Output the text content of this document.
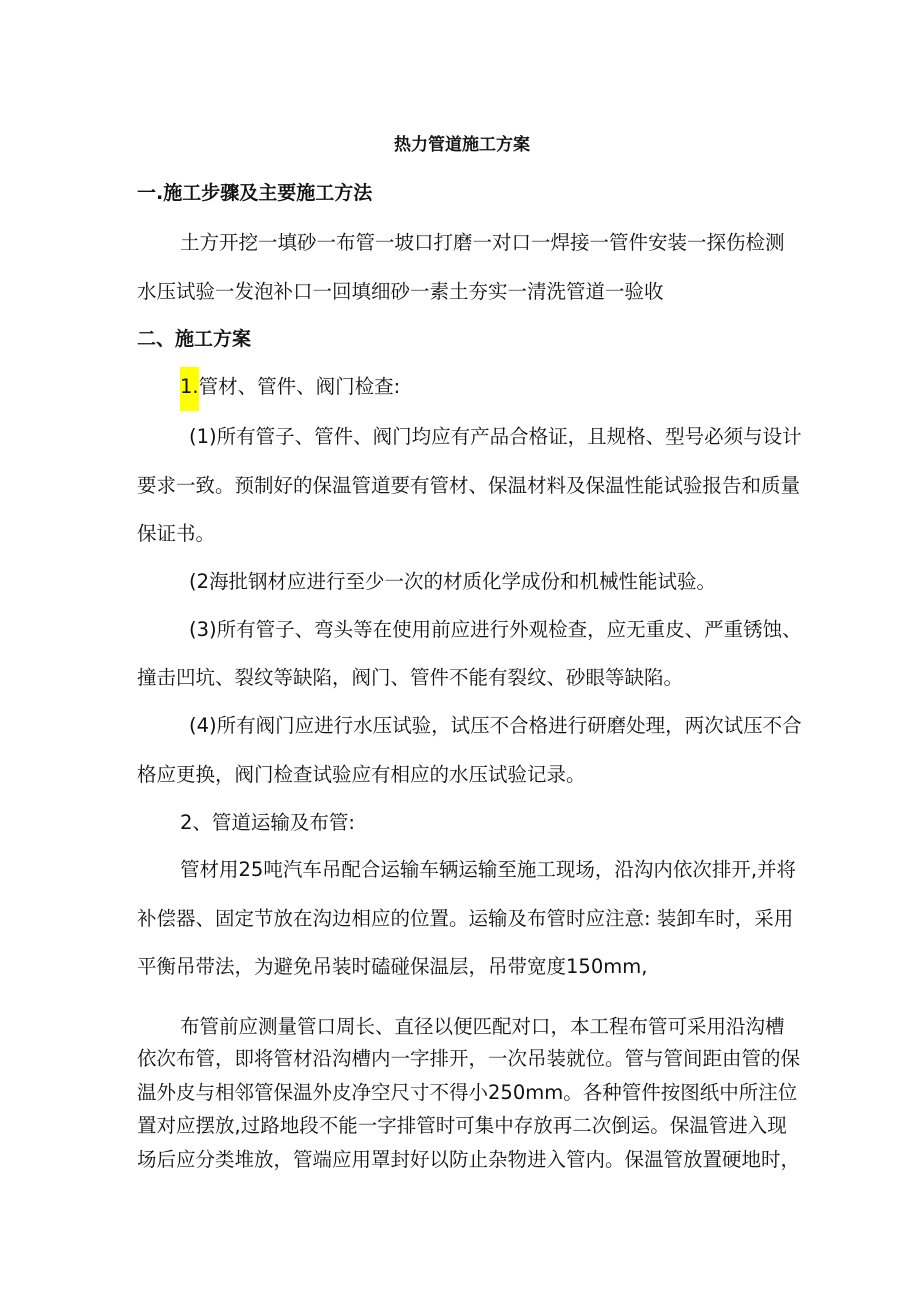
热力管道施工方案
一.施工步骤及主要施工方法
土方开挖一填砂一布管一坡口打磨一对口一焊接一管件安装一探伤检测
水压试验一发泡补口一回填细砂一素土夯实一清洗管道一验收
二、施工方案
1.管材、管件、阀门检查:
(1)所有管子、管件、阀门均应有产品合格证，且规格、型号必须与设计
要求一致。预制好的保温管道要有管材、保温材料及保温性能试验报告和质量
保证书。
(2海批钢材应进行至少一次的材质化学成份和机械性能试验。
(3)所有管子、弯头等在使用前应进行外观检查，应无重皮、严重锈蚀、
撞击凹坑、裂纹等缺陷，阀门、管件不能有裂纹、砂眼等缺陷。
(4)所有阀门应进行水压试验，试压不合格进行研磨处理，两次试压不合
格应更换，阀门检查试验应有相应的水压试验记录。
2、管道运输及布管:
管材用25吨汽车吊配合运输车辆运输至施工现场，沿沟内依次排开,并将
补偿器、固定节放在沟边相应的位置。运输及布管时应注意: 装卸车时，采用
平衡吊带法，为避免吊装时磕碰保温层，吊带宽度150mm,
布管前应测量管口周长、直径以便匹配对口，本工程布管可采用沿沟槽
依次布管，即将管材沿沟槽内一字排开，一次吊装就位。管与管间距由管的保
温外皮与相邻管保温外皮净空尺寸不得小250mm。各种管件按图纸中所注位
置对应摆放,过路地段不能一字排管时可集中存放再二次倒运。保温管进入现
场后应分类堆放，管端应用罩封好以防止杂物进入管内。保温管放置硬地时，
